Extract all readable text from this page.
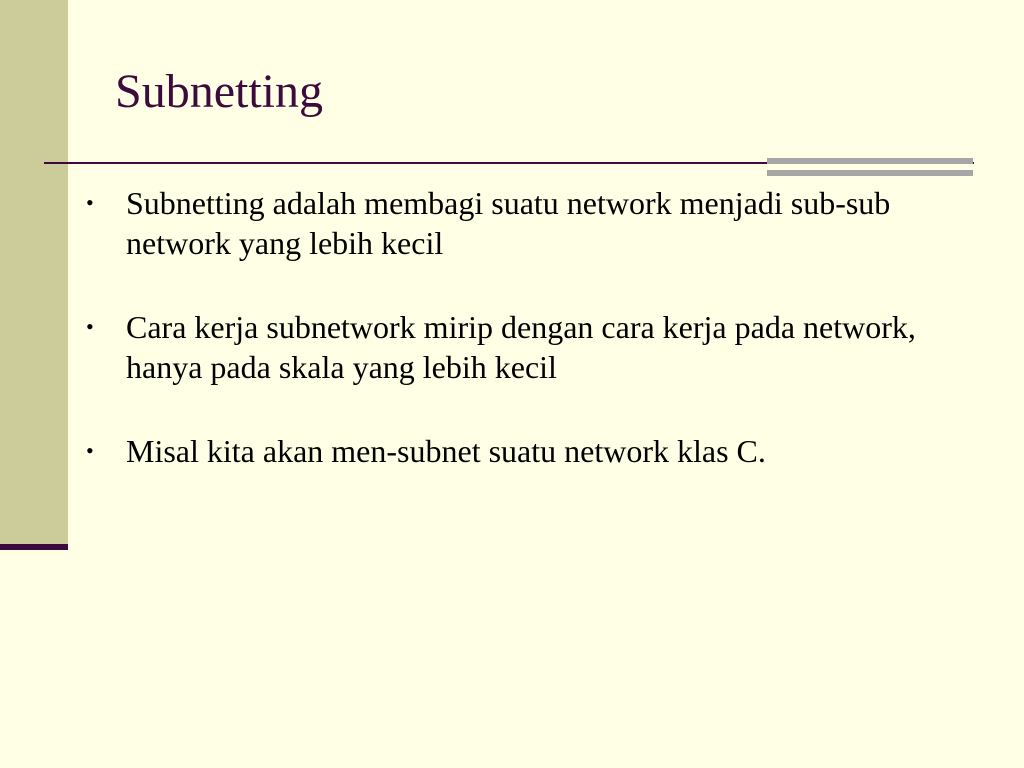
Subnetting
• Subnetting adalah membagi suatu network menjadi sub-sub network yang lebih kecil
• Cara kerja subnetwork mirip dengan cara kerja pada network, hanya pada skala yang lebih kecil
• Misal kita akan men-subnet suatu network klas C.
